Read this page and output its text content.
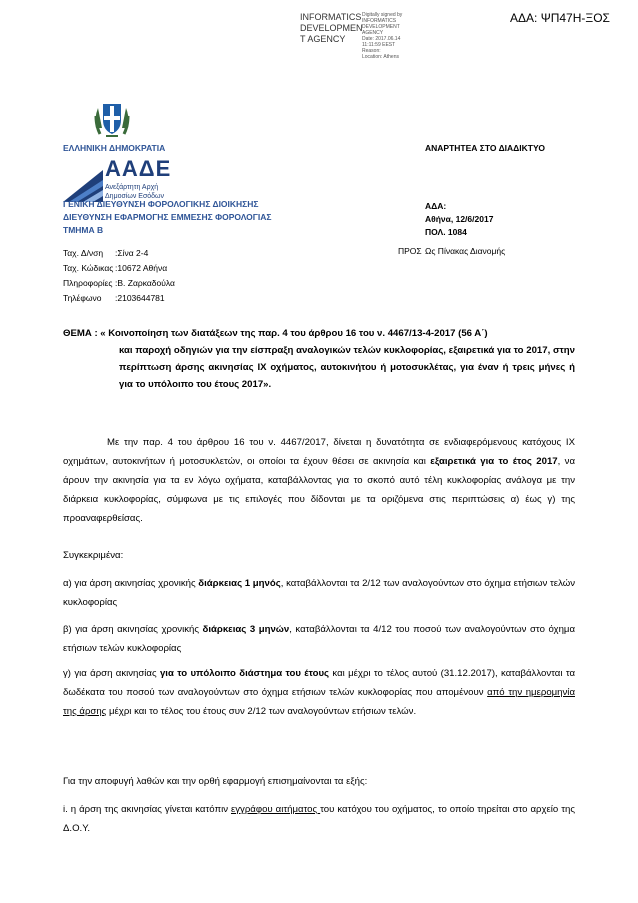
ΑΔΑ: ΨΠ47Η-ΞΟΣ
INFORMATICS DEVELOPMEN T AGENCY
Digitally signed by
INFORMATICS DEVELOPMENT AGENCY
Date: 2017.06.14 11:11:59 EEST
Reason:
Location: Athens
ΕΛΛΗΝΙΚΗ ΔΗΜΟΚΡΑΤΙΑ	ΑΝΑΡΤΗΤΕΑ ΣΤΟ ΔΙΑΔΙΚΤΥΟ
ΑΑΔΕ
Ανεξάρτητη Αρχή
Δημοσίων Εσόδων
ΓΕΝΙΚΗ ΔΙΕΥΘΥΝΣΗ ΦΟΡΟΛΟΓΙΚΗΣ ΔΙΟΙΚΗΣΗΣ
ΔΙΕΥΘΥΝΣΗ ΕΦΑΡΜΟΓΗΣ ΕΜΜΕΣΗΣ ΦΟΡΟΛΟΓΙΑΣ
ΤΜΗΜΑ Β
ΑΔΑ:
Αθήνα, 12/6/2017
ΠΟΛ. 1084
Ταχ. Δ/νση :Σίνα 2-4
Ταχ. Κώδικας :10672 Αθήνα
Πληροφορίες :Β. Ζαρκαδούλα
Τηλέφωνο :2103644781
ΠΡΟΣ Ως Πίνακας Διανομής
ΘΕΜΑ : « Κοινοποίηση των διατάξεων της παρ. 4 του άρθρου 16 του ν. 4467/13-4-2017 (56 Α΄)
και παροχή οδηγιών για την είσπραξη αναλογικών τελών κυκλοφορίας, εξαιρετικά για το 2017, στην περίπτωση άρσης ακινησίας ΙΧ οχήματος, αυτοκινήτου ή μοτοσυκλέτας, για έναν ή τρεις μήνες ή για το υπόλοιπο του έτους 2017».
Με την παρ. 4 του άρθρου 16 του ν. 4467/2017, δίνεται η δυνατότητα σε ενδιαφερόμενους κατόχους ΙΧ οχημάτων, αυτοκινήτων ή μοτοσυκλετών, οι οποίοι τα έχουν θέσει σε ακινησία και εξαιρετικά για το έτος 2017, να άρουν την ακινησία για τα εν λόγω οχήματα, καταβάλλοντας για το σκοπό αυτό τέλη κυκλοφορίας ανάλογα με την διάρκεια κυκλοφορίας, σύμφωνα με τις επιλογές που δίδονται με τα οριζόμενα στις περιπτώσεις α) έως γ) της προαναφερθείσας.
Συγκεκριμένα:
α) για άρση ακινησίας χρονικής διάρκειας 1 μηνός, καταβάλλονται τα 2/12 των αναλογούντων στο όχημα ετήσιων τελών κυκλοφορίας
β) για άρση ακινησίας χρονικής διάρκειας 3 μηνών, καταβάλλονται τα 4/12 του ποσού των αναλογούντων στο όχημα ετήσιων τελών κυκλοφορίας
γ) για άρση ακινησίας για το υπόλοιπο διάστημα του έτους και μέχρι το τέλος αυτού (31.12.2017), καταβάλλονται τα δωδέκατα του ποσού των αναλογούντων στο όχημα ετήσιων τελών κυκλοφορίας που απομένουν από την ημερομηνία της άρσης μέχρι και το τέλος του έτους συν 2/12 των αναλογούντων ετήσιων τελών.
Για την αποφυγή λαθών και την ορθή εφαρμογή επισημαίνονται τα εξής:
i. η άρση της ακινησίας γίνεται κατόπιν εγγράφου αιτήματος του κατόχου του οχήματος, το οποίο τηρείται στο αρχείο της Δ.Ο.Υ.
